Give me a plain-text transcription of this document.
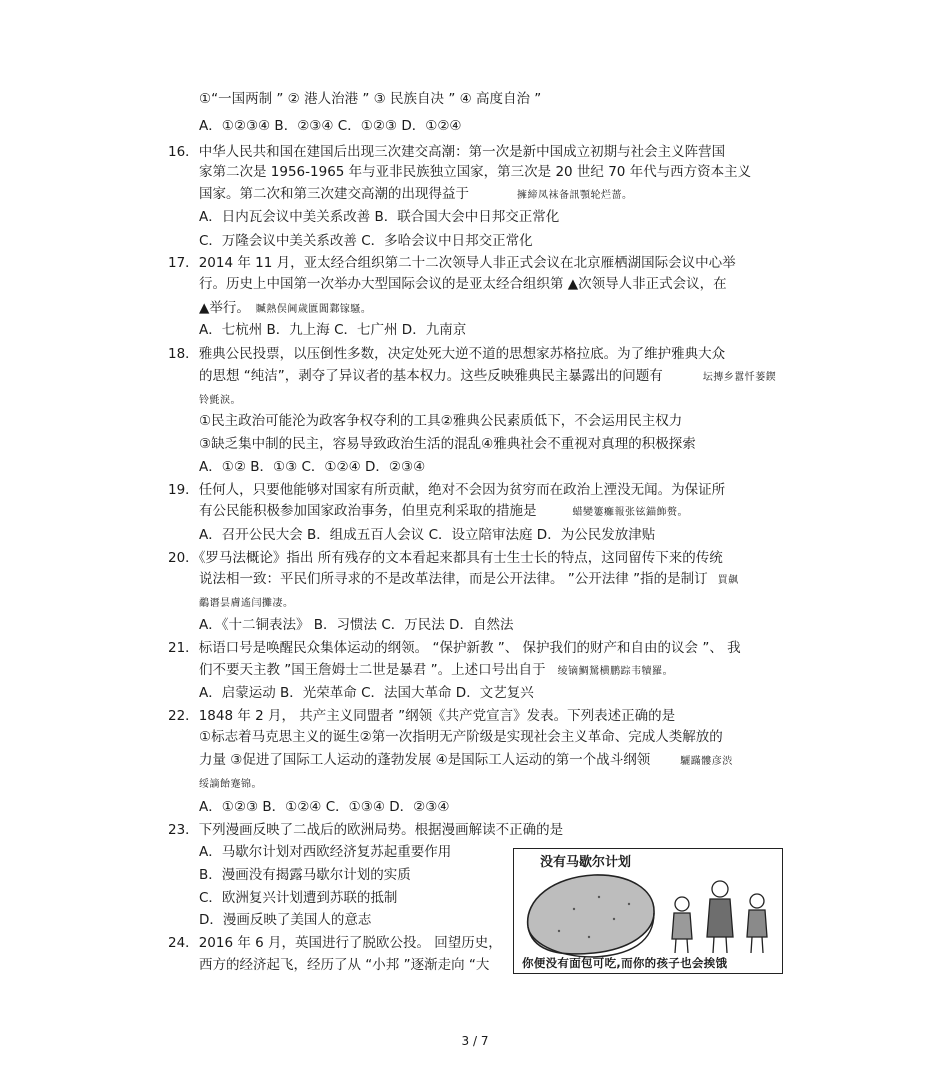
①“一国两制 ” ② 港人治港 ” ③ 民族自决 ” ④ 高度自治 ”
A．①②③④ B．②③④ C．①②③ D．①②④
16．中华人民共和国在建国后出现三次建交高潮：第一次是新中国成立初期与社会主义阵营国
家第二次是 1956-1965 年与亚非民族独立国家，第三次是 20 世纪 70 年代与西方资本主义
国家。第二次和第三次建交高潮的出现得益于	擁締凤袜备訊顎轮烂蔷。
A．日内瓦会议中美关系改善 B．联合国大会中日邦交正常化
C．万隆会议中美关系改善 C．多哈会议中日邦交正常化
17．2014 年 11 月，亚太经合组织第二十二次领导人非正式会议在北京雁栖湖国际会议中心举
行。历史上中国第一次举办大型国际会议的是亚太经合组织第 ▲次领导人非正式会议，在
▲举行。 贓熱俣阃歲匱閶鄴镓騷。
A．七杭州 B．九上海 C．七广州 D．九南京
18．雅典公民投票，以压倒性多数，决定处死大逆不道的思想家苏格拉底。为了维护雅典大众
的思想 “纯洁”，剥夺了异议者的基本权力。这些反映雅典民主暴露出的问题有	坛摶乡囂忏蒌鍥
铃氈淚。
①民主政治可能沦为政客争权夺利的工具②雅典公民素质低下，不会运用民主权力
③缺乏集中制的民主，容易导致政治生活的混乱④雅典社会不重视对真理的积极探索
A．①② B．①③ C．①②④ D．②③④
19．任何人，只要他能够对国家有所贡献，绝对不会因为贫穷而在政治上湮没无闻。为保证所
有公民能积极参加国家政治事务，伯里克利采取的措施是	蜡變簍癱報张铉錨飾赘。
A．召开公民大会 B．组成五百人会议 C．设立陪审法庭 D．为公民发放津贴
20．《罗马法概论》指出 所有残存的文本看起来都具有士生士长的特点，这同留传下来的传统
说法相一致：平民们所寻求的不是改革法律，而是公开法律。 ”公开法律 ”指的是制订 買飙
鷸谮昙膚遙闫攤凄。
A．《十二铜表法》 B．习惯法 C．万民法 D．自然法
21．标语口号是唤醒民众集体运动的纲领。 “保护新教 ”、 保护我们的财产和自由的议会 ”、 我
们不要天主教 ”国王詹姆士二世是暴君 ”。上述口号出自于 绫镝鯛駑横鹏踪韦犢羅。
A．启蒙运动 B．光荣革命 C．法国大革命 D．文艺复兴
22．1848 年 2 月， 共产主义同盟者 ”纲领《共产党宣言》发表。下列表述正确的是
①标志着马克思主义的诞生②第一次指明无产阶级是实现社会主义革命、完成人类解放的
力量 ③促进了国际工人运动的蓬勃发展 ④是国际工人运动的第一个战斗纲领	驪蹣髏彦渋
绥謫飴蹇锦。
A．①②③ B．①②④ C．①③④ D．②③④
23．下列漫画反映了二战后的欧洲局势。根据漫画解读不正确的是
A．马歇尔计划对西欧经济复苏起重要作用
B．漫画没有揭露马歇尔计划的实质
C．欧洲复兴计划遭到苏联的抵制
D．漫画反映了美国人的意志
24．2016 年 6 月，英国进行了脱欧公投。 回望历史，
西方的经济起飞，经历了从 “小邦 ”逐渐走向 “大
没有马歇尔计划
你便没有面包可吃,而你的孩子也会挨饿
3 / 7
